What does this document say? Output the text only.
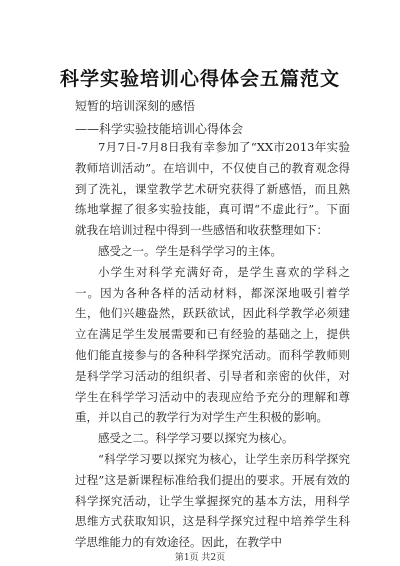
科学实验培训心得体会五篇范文
短暂的培训深刻的感悟
——科学实验技能培训心得体会

7月7日-7月8日我有幸参加了“XX市2013年实验教师培训活动”。在培训中，不仅使自己的教育观念得到了洗礼，课堂教学艺术研究获得了新感悟，而且熟练地掌握了很多实验技能，真可谓“不虚此行”。下面就我在培训过程中得到一些感悟和收获整理如下：

感受之一。学生是科学学习的主体。

小学生对科学充满好奇，是学生喜欢的学科之一。因为各种各样的活动材料，都深深地吸引着学生，他们兴趣盎然，跃跃欲试，因此科学教学必须建立在满足学生发展需要和已有经验的基础之上，提供他们能直接参与的各种科学探究活动。而科学教师则是科学学习活动的组织者、引导者和亲密的伙伴，对学生在科学学习活动中的表现应给予充分的理解和尊重，并以自己的教学行为对学生产生积极的影响。

感受之二。科学学习要以探究为核心。

“科学学习要以探究为核心，让学生亲历科学探究过程”这是新课程标准给我们提出的要求。开展有效的科学探究活动，让学生掌握探究的基本方法，用科学思维方式获取知识，这是科学探究过程中培养学生科学思维能力的有效途径。因此，在教学中

第1页 共2页
